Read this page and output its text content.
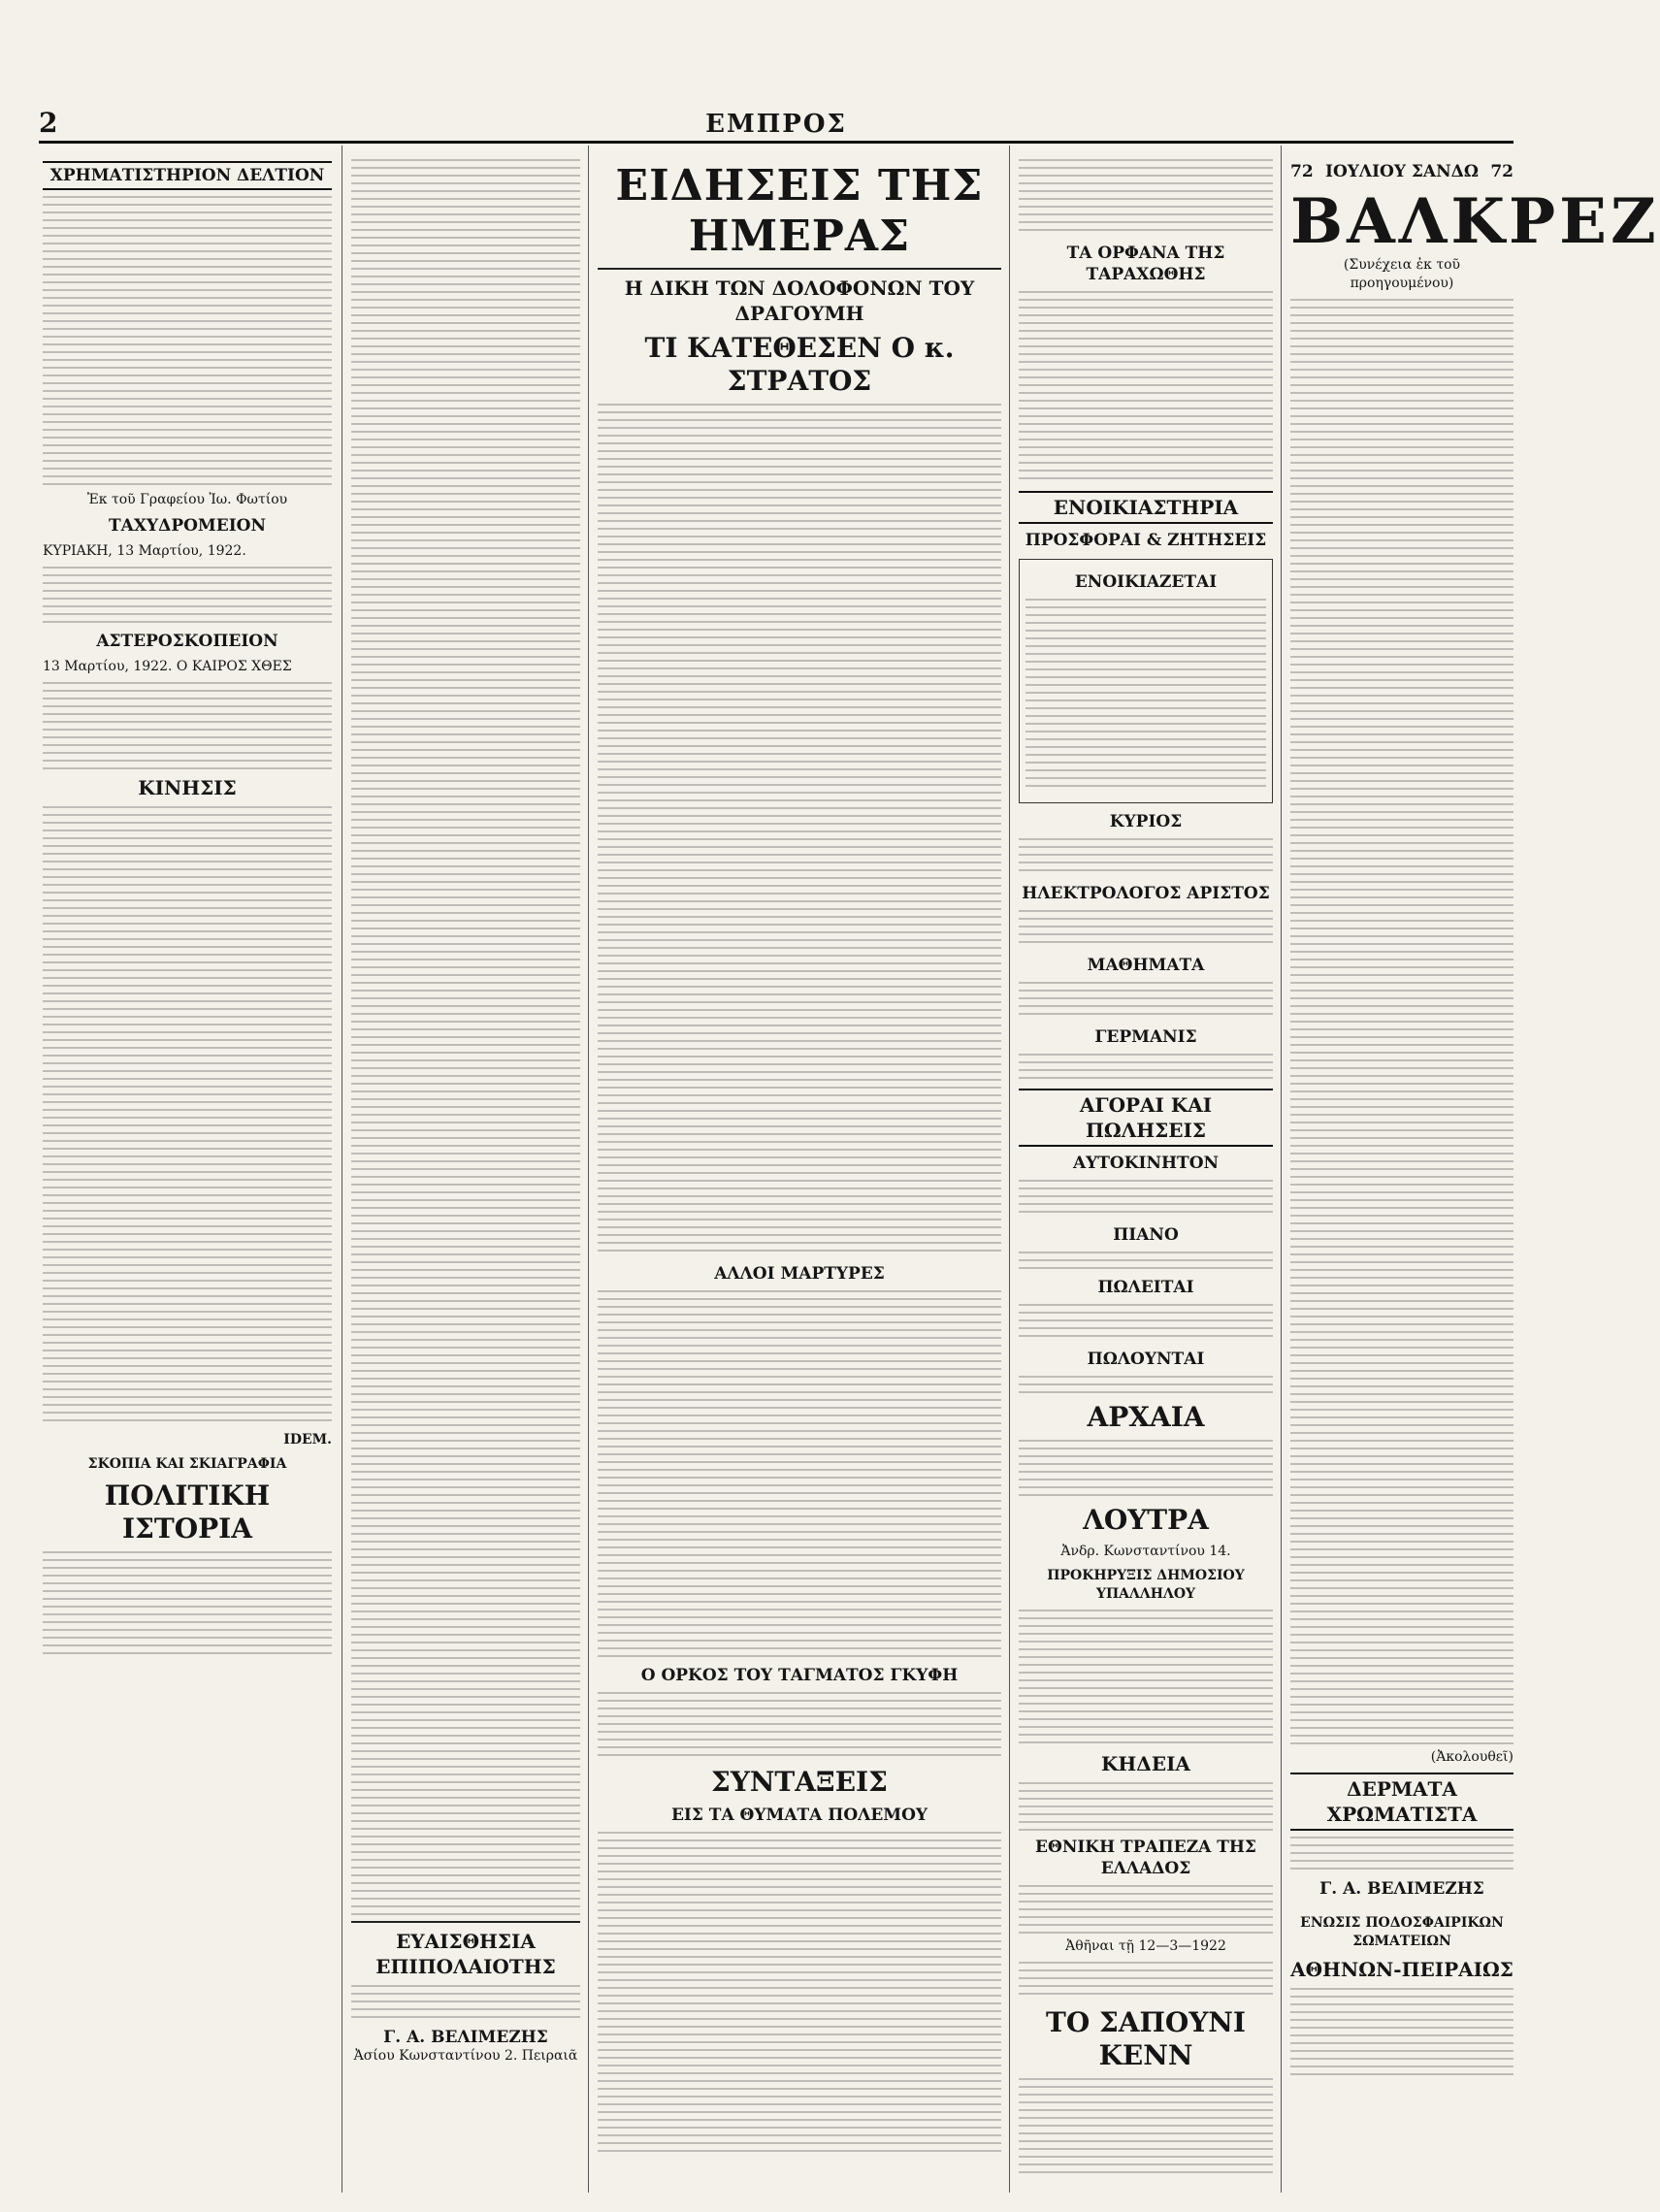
2	ΕΜΠΡΟΣ
ΧΡΗΜΑΤΙΣΤΗΡΙΟΝ ΔΕΛΤΙΟΝ
Ἐκ τοῦ Γραφείου Ἰω. Φωτίου
ΤΑΧΥΔΡΟΜΕΙΟΝ
ΚΥΡΙΑΚΗ, 13 Μαρτίου, 1922.
ΑΣΤΕΡΟΣΚΟΠΕΙΟΝ
13 Μαρτίου, 1922. Ο ΚΑΙΡΟΣ ΧΘΕΣ
ΚΙΝΗΣΙΣ
IDEM.
ΣΚΟΠΙΑ ΚΑΙ ΣΚΙΑΓΡΑΦΙΑ
ΠΟΛΙΤΙΚΗ ΙΣΤΟΡΙΑ
ΕΥΑΙΣΘΗΣΙΑ ΕΠΙΠΟΛΑΙΟΤΗΣ
Γ. Α. ΒΕΛΙΜΕΖΗΣ
Ἀσίου Κωνσταντίνου 2. Πειραιᾶ
ΕΙΔΗΣΕΙΣ ΤΗΣ ΗΜΕΡΑΣ
Η ΔΙΚΗ ΤΩΝ ΔΟΛΟΦΟΝΩΝ ΤΟΥ ΔΡΑΓΟΥΜΗ
ΤΙ ΚΑΤΕΘΕΣΕΝ Ο κ. ΣΤΡΑΤΟΣ
ΑΛΛΟΙ ΜΑΡΤΥΡΕΣ
Ο ΟΡΚΟΣ ΤΟΥ ΤΑΓΜΑΤΟΣ ΓΚΥΦΗ
ΣΥΝΤΑΞΕΙΣ
ΕΙΣ ΤΑ ΘΥΜΑΤΑ ΠΟΛΕΜΟΥ
ΤΑ ΟΡΦΑΝΑ ΤΗΣ ΤΑΡΑΧΩΘΗΣ
ΕΝΟΙΚΙΑΣΤΗΡΙΑ
ΠΡΟΣΦΟΡΑΙ & ΖΗΤΗΣΕΙΣ
ΕΝΟΙΚΙΑΖΕΤΑΙ
ΚΥΡΙΟΣ
ΗΛΕΚΤΡΟΛΟΓΟΣ ΑΡΙΣΤΟΣ
ΜΑΘΗΜΑΤΑ
ΓΕΡΜΑΝΙΣ
ΑΓΟΡΑΙ ΚΑΙ ΠΩΛΗΣΕΙΣ
ΑΥΤΟΚΙΝΗΤΟΝ
ΠΙΑΝΟ
ΠΩΛΕΙΤΑΙ
ΠΩΛΟΥΝΤΑΙ
ΑΡΧΑΙΑ
ΛΟΥΤΡΑ
Ἀνδρ. Κωνσταντίνου 14.
ΠΡΟΚΗΡΥΞΙΣ ΔΗΜΟΣΙΟΥ ΥΠΑΛΛΗΛΟΥ
ΚΗΔΕΙΑ
ΕΘΝΙΚΗ ΤΡΑΠΕΖΑ ΤΗΣ ΕΛΛΑΔΟΣ
Ἀθῆναι τῇ 12—3—1922
ΤΟ ΣΑΠΟΥΝΙ ΚΕΝΝ
72 ΙΟΥΛΙΟΥ ΣΑΝΔΩ 72
ΒΑΛΚΡΕΖ
(Συνέχεια ἐκ τοῦ προηγουμένου)
(Ἀκολουθεῖ)
ΔΕΡΜΑΤΑ ΧΡΩΜΑΤΙΣΤΑ
Γ. Α. ΒΕΛΙΜΕΖΗΣ
ΕΝΩΣΙΣ ΠΟΔΟΣΦΑΙΡΙΚΩΝ ΣΩΜΑΤΕΙΩΝ
ΑΘΗΝΩΝ-ΠΕΙΡΑΙΩΣ
